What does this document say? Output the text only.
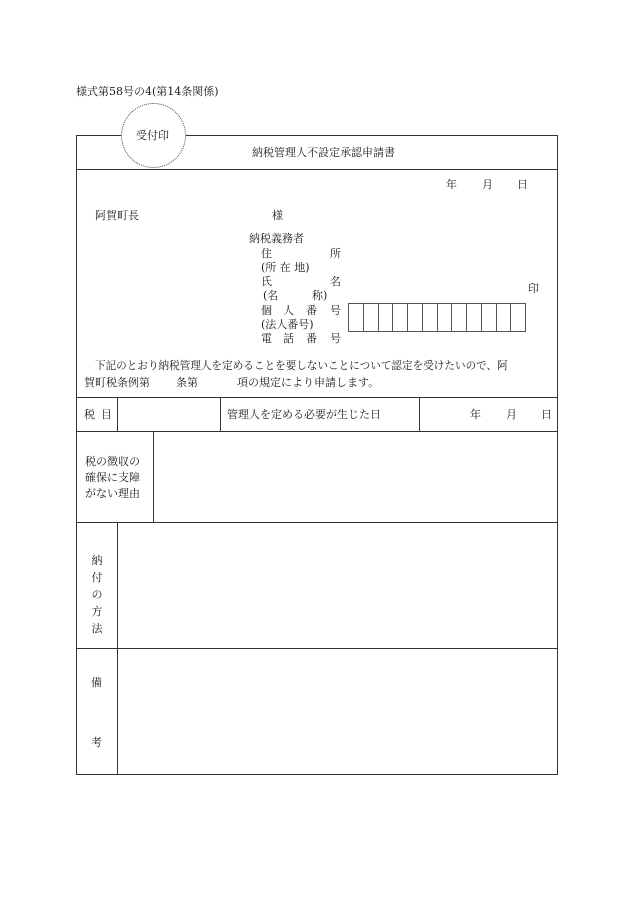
様式第58号の4(第14条関係)
受付印
納税管理人不設定承認申請書
年 月 日
阿賀町長	様
納税義務者
住	所
(所 在 地)
氏	名
(名	称)
印
個 人 番 号
(法人番号)
電 話 番 号
下記のとおり納税管理人を定めることを要しないことについて認定を受けたいので、阿
賀町税条例第 条第	項の規定により申請します。
税 目	管理人を定める必要が生じた日	年 月 日
税の徴収の
確保に支障
がない理由
納
付
の
方
法
備
考
